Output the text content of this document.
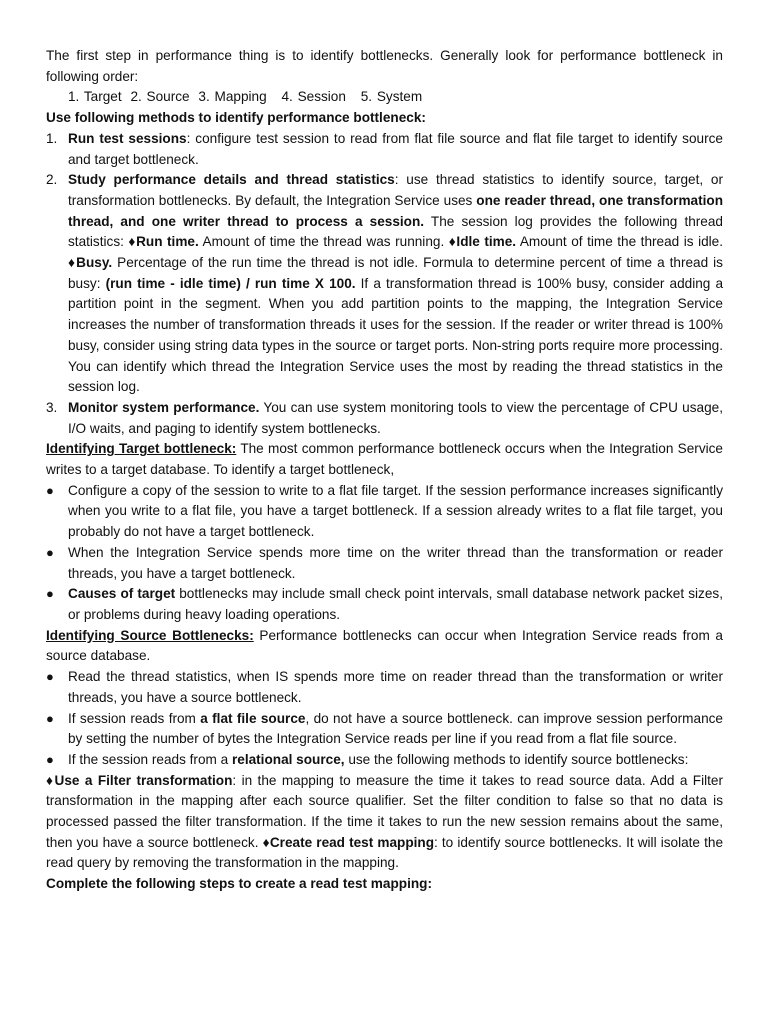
The first step in performance thing is to identify bottlenecks. Generally look for performance bottleneck in following order:

1. Target 2. Source 3. Mapping 4. Session 5. System

Use following methods to identify performance bottleneck:

1. Run test sessions: configure test session to read from flat file source and flat file target to identify source and target bottleneck.
2. Study performance details and thread statistics: use thread statistics to identify source, target, or transformation bottlenecks. By default, the Integration Service uses one reader thread, one transformation thread, and one writer thread to process a session. The session log provides the following thread statistics: ♦Run time. Amount of time the thread was running. ♦Idle time. Amount of time the thread is idle. ♦Busy. Percentage of the run time the thread is not idle. Formula to determine percent of time a thread is busy: (run time - idle time) / run time X 100. If a transformation thread is 100% busy, consider adding a partition point in the segment. When you add partition points to the mapping, the Integration Service increases the number of transformation threads it uses for the session. If the reader or writer thread is 100% busy, consider using string data types in the source or target ports. Non-string ports require more processing. You can identify which thread the Integration Service uses the most by reading the thread statistics in the session log.
3. Monitor system performance. You can use system monitoring tools to view the percentage of CPU usage, I/O waits, and paging to identify system bottlenecks.

Identifying Target bottleneck: The most common performance bottleneck occurs when the Integration Service writes to a target database. To identify a target bottleneck,

●	Configure a copy of the session to write to a flat file target. If the session performance increases significantly when you write to a flat file, you have a target bottleneck. If a session already writes to a flat file target, you probably do not have a target bottleneck.
●	When the Integration Service spends more time on the writer thread than the transformation or reader threads, you have a target bottleneck.
●	Causes of target bottlenecks may include small check point intervals, small database network packet sizes, or problems during heavy loading operations.

Identifying Source Bottlenecks: Performance bottlenecks can occur when Integration Service reads from a source database.

●	Read the thread statistics, when IS spends more time on reader thread than the transformation or writer threads, you have a source bottleneck.
●	If session reads from a flat file source, do not have a source bottleneck. can improve session performance by setting the number of bytes the Integration Service reads per line if you read from a flat file source.
●	If the session reads from a relational source, use the following methods to identify source bottlenecks:

♦Use a Filter transformation: in the mapping to measure the time it takes to read source data. Add a Filter transformation in the mapping after each source qualifier. Set the filter condition to false so that no data is processed passed the filter transformation. If the time it takes to run the new session remains about the same, then you have a source bottleneck. ♦Create read test mapping: to identify source bottlenecks. It will isolate the read query by removing the transformation in the mapping.

Complete the following steps to create a read test mapping:
